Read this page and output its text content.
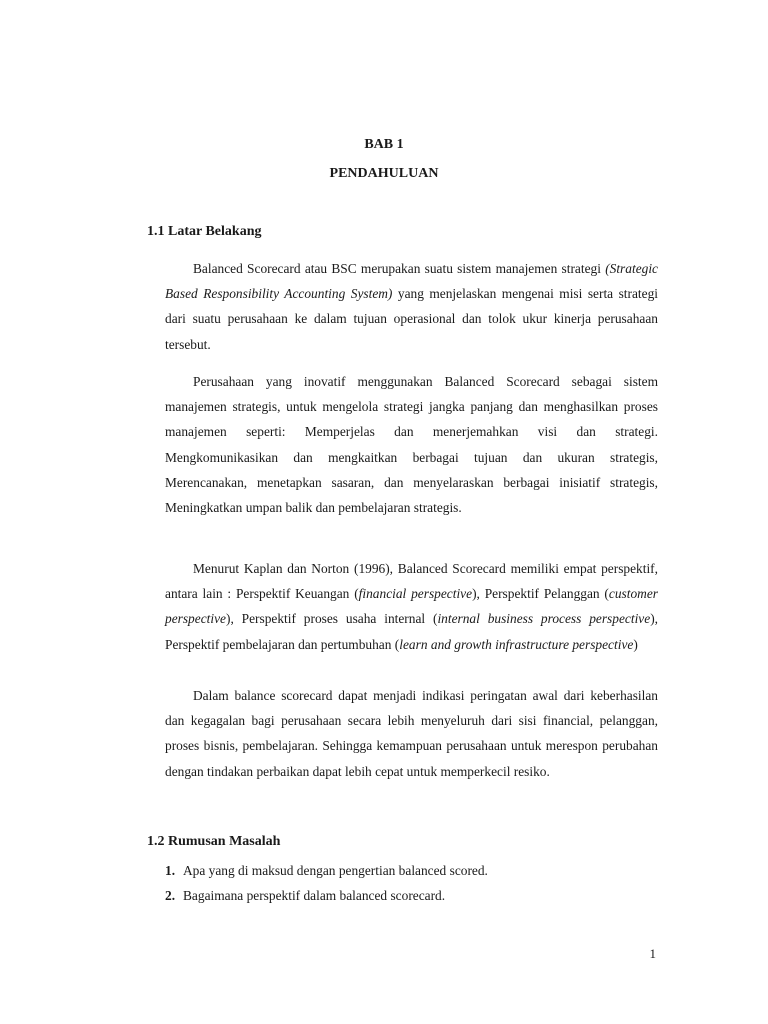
BAB 1
PENDAHULUAN
1.1 Latar Belakang

Balanced Scorecard atau BSC merupakan suatu sistem manajemen strategi (Strategic Based Responsibility Accounting System) yang menjelaskan mengenai misi serta strategi dari suatu perusahaan ke dalam tujuan operasional dan tolok ukur kinerja perusahaan tersebut.

Perusahaan yang inovatif menggunakan Balanced Scorecard sebagai sistem manajemen strategis, untuk mengelola strategi jangka panjang dan menghasilkan proses manajemen seperti: Memperjelas dan menerjemahkan visi dan strategi. Mengkomunikasikan dan mengkaitkan berbagai tujuan dan ukuran strategis, Merencanakan, menetapkan sasaran, dan menyelaraskan berbagai inisiatif strategis, Meningkatkan umpan balik dan pembelajaran strategis.

Menurut Kaplan dan Norton (1996), Balanced Scorecard memiliki empat perspektif, antara lain : Perspektif Keuangan (financial perspective), Perspektif Pelanggan (customer perspective), Perspektif proses usaha internal (internal business process perspective), Perspektif pembelajaran dan pertumbuhan (learn and growth infrastructure perspective)

Dalam balance scorecard dapat menjadi indikasi peringatan awal dari keberhasilan dan kegagalan bagi perusahaan secara lebih menyeluruh dari sisi financial, pelanggan, proses bisnis, pembelajaran. Sehingga kemampuan perusahaan untuk merespon perubahan dengan tindakan perbaikan dapat lebih cepat untuk memperkecil resiko.

1.2 Rumusan Masalah
1. Apa yang di maksud dengan pengertian balanced scored.
2. Bagaimana perspektif dalam balanced scorecard.

1
